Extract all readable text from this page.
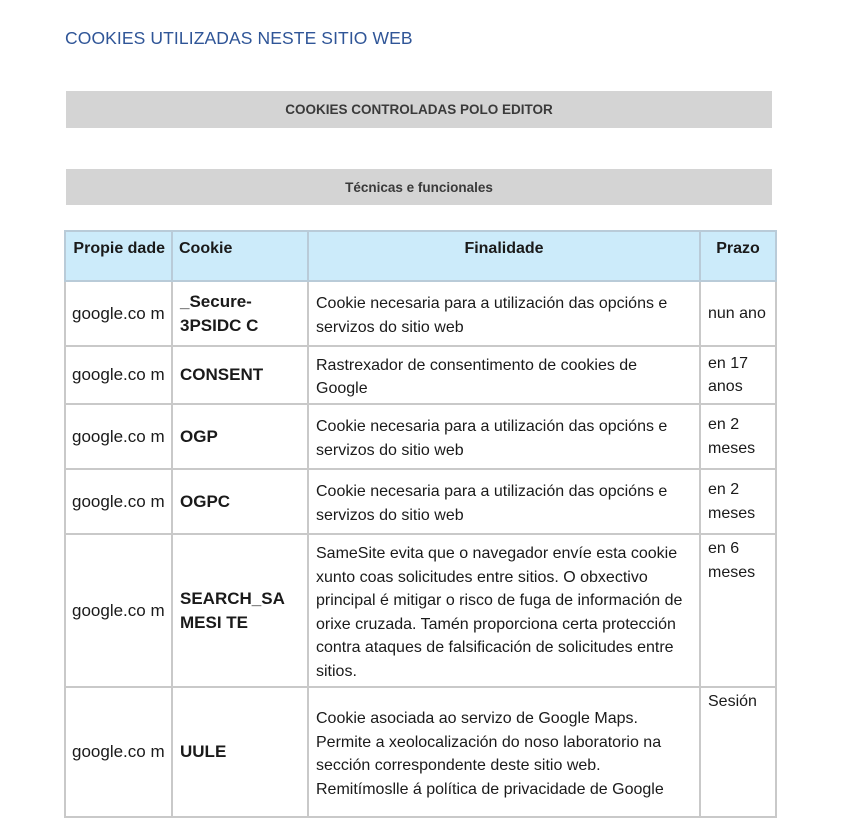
COOKIES UTILIZADAS NESTE SITIO WEB
COOKIES CONTROLADAS POLO EDITOR
Técnicas e funcionales
Propie dade	Cookie	Finalidade	Prazo
google.co m	_Secure-3PSIDC C	Cookie necesaria para a utilización das opcións e servizos do sitio web	nun ano
google.co m	CONSENT	Rastrexador de consentimento de cookies de Google	en 17 anos
google.co m	OGP	Cookie necesaria para a utilización das opcións e servizos do sitio web	en 2 meses
google.co m	OGPC	Cookie necesaria para a utilización das opcións e servizos do sitio web	en 2 meses
google.co m	SEARCH_SA MESI TE	SameSite evita que o navegador envíe esta cookie xunto coas solicitudes entre sitios. O obxectivo principal é mitigar o risco de fuga de información de orixe cruzada. Tamén proporciona certa protección contra ataques de falsificación de solicitudes entre sitios.	en 6 meses
google.co m	UULE	Cookie asociada ao servizo de Google Maps. Permite a xeolocalización do noso laboratorio na sección correspondente deste sitio web. Remitímoslle á política de privacidade de Google	Sesión
